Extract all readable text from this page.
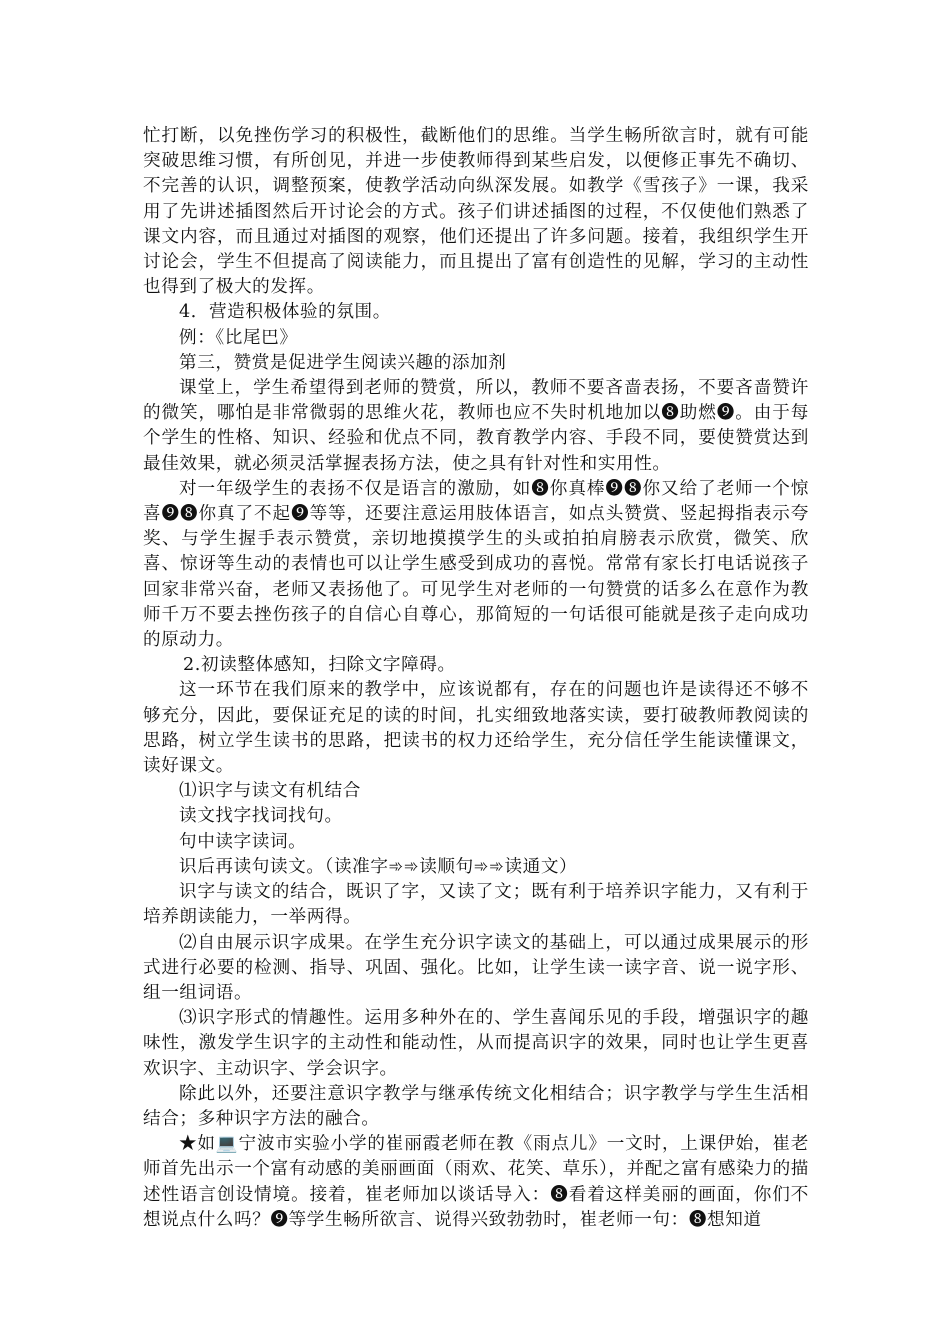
忙打断，以免挫伤学习的积极性，截断他们的思维。当学生畅所欲言时，就有可能突破思维习惯，有所创见，并进一步使教师得到某些启发，以便修正事先不确切、不完善的认识，调整预案，使教学活动向纵深发展。如教学《雪孩子》一课，我采用了先讲述插图然后开讨论会的方式。孩子们讲述插图的过程，不仅使他们熟悉了课文内容，而且通过对插图的观察，他们还提出了许多问题。接着，我组织学生开讨论会，学生不但提高了阅读能力，而且提出了富有创造性的见解，学习的主动性也得到了极大的发挥。

4．营造积极体验的氛围。

例：《比尾巴》

第三，赞赏是促进学生阅读兴趣的添加剂

课堂上，学生希望得到老师的赞赏，所以，教师不要吝啬表扬，不要吝啬赞许的微笑，哪怕是非常微弱的思维火花，教师也应不失时机地加以❽助燃❾。由于每个学生的性格、知识、经验和优点不同，教育教学内容、手段不同，要使赞赏达到最佳效果，就必须灵活掌握表扬方法，使之具有针对性和实用性。

对一年级学生的表扬不仅是语言的激励，如❽你真棒❾❽你又给了老师一个惊喜❾❽你真了不起❾等等，还要注意运用肢体语言，如点头赞赏、竖起拇指表示夸奖、与学生握手表示赞赏，亲切地摸摸学生的头或拍拍肩膀表示欣赏，微笑、欣喜、惊讶等生动的表情也可以让学生感受到成功的喜悦。常常有家长打电话说孩子回家非常兴奋，老师又表扬他了。可见学生对老师的一句赞赏的话多么在意作为教师千万不要去挫伤孩子的自信心自尊心，那简短的一句话很可能就是孩子走向成功的原动力。

2.初读整体感知，扫除文字障碍。

这一环节在我们原来的教学中，应该说都有，存在的问题也许是读得还不够不够充分，因此，要保证充足的读的时间，扎实细致地落实读，要打破教师教阅读的思路，树立学生读书的思路，把读书的权力还给学生，充分信任学生能读懂课文，读好课文。

⑴识字与读文有机结合

读文找字找词找句。

句中读字读词。

识后再读句读文。（读准字➾➾读顺句➾➾读通文）

识字与读文的结合，既识了字，又读了文；既有利于培养识字能力，又有利于培养朗读能力，一举两得。

⑵自由展示识字成果。在学生充分识字读文的基础上，可以通过成果展示的形式进行必要的检测、指导、巩固、强化。比如，让学生读一读字音、说一说字形、组一组词语。

⑶识字形式的情趣性。运用多种外在的、学生喜闻乐见的手段，增强识字的趣味性，激发学生识字的主动性和能动性，从而提高识字的效果，同时也让学生更喜欢识字、主动识字、学会识字。

除此以外，还要注意识字教学与继承传统文化相结合；识字教学与学生生活相结合；多种识字方法的融合。

★如💻宁波市实验小学的崔丽霞老师在教《雨点儿》一文时，上课伊始，崔老师首先出示一个富有动感的美丽画面（雨欢、花笑、草乐），并配之富有感染力的描述性语言创设情境。接着，崔老师加以谈话导入：❽看着这样美丽的画面，你们不想说点什么吗？❾等学生畅所欲言、说得兴致勃勃时，崔老师一句：❽想知道
